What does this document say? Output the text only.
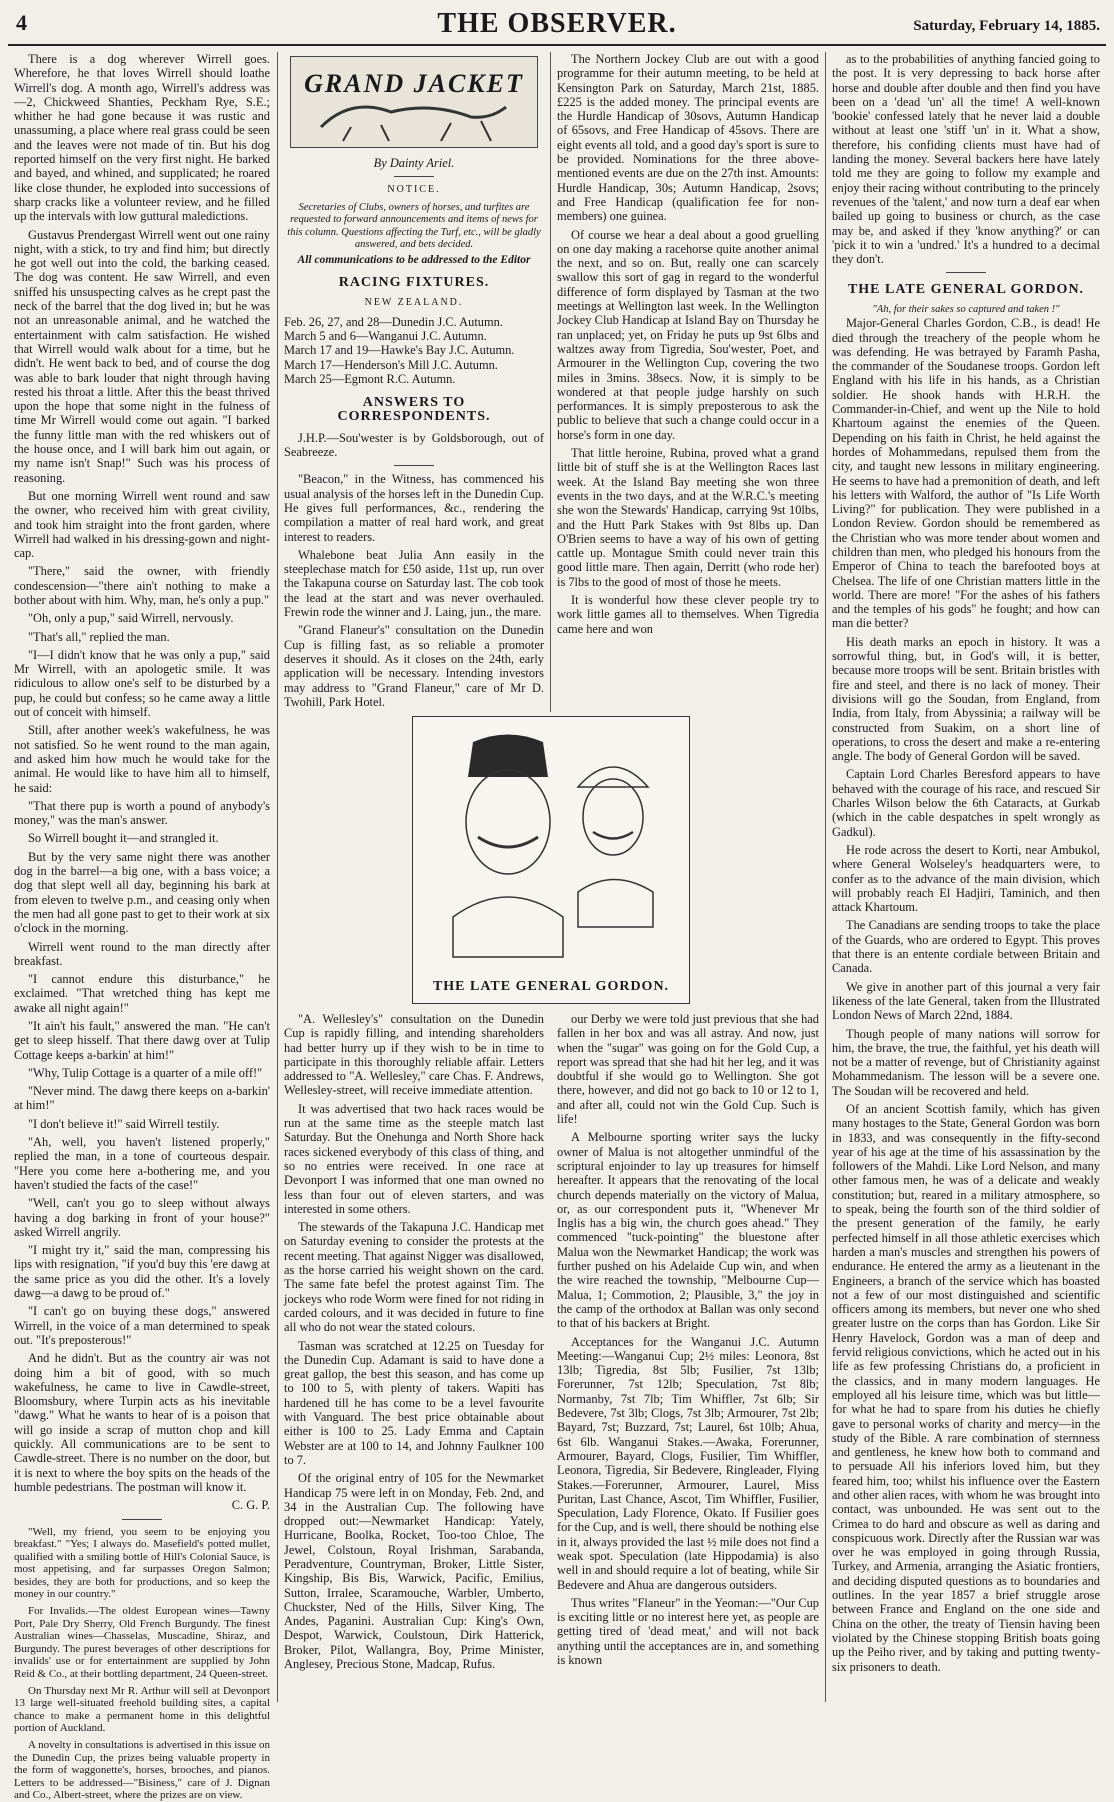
4	THE OBSERVER.	Saturday, February 14, 1885.

There is a dog wherever Wirrell goes. Wherefore, he that loves Wirrell should loathe Wirrell's dog. A month ago, Wirrell's address was—2, Chickweed Shanties, Peckham Rye, S.E.; whither he had gone because it was rustic and unassuming, a place where real grass could be seen and the leaves were not made of tin. But his dog reported himself on the very first night. He barked and bayed, and whined, and supplicated; he roared like close thunder, he exploded into successions of sharp cracks like a volunteer review, and he filled up the intervals with low guttural maledictions.

Gustavus Prendergast Wirrell went out one rainy night, with a stick, to try and find him; but directly he got well out into the cold, the barking ceased. The dog was content. He saw Wirrell, and even sniffed his unsuspecting calves as he crept past the neck of the barrel that the dog lived in; but he was not an unreasonable animal, and he watched the entertainment with calm satisfaction. He wished that Wirrell would walk about for a time, but he didn't. He went back to bed, and of course the dog was able to bark louder that night through having rested his throat a little. After this the beast thrived upon the hope that some night in the fulness of time Mr Wirrell would come out again. "I barked the funny little man with the red whiskers out of the house once, and I will bark him out again, or my name isn't Snap!" Such was his process of reasoning.

But one morning Wirrell went round and saw the owner, who received him with great civility, and took him straight into the front garden, where Wirrell had walked in his dressing-gown and night-cap.

"There," said the owner, with friendly condescension—"there ain't nothing to make a bother about with him. Why, man, he's only a pup."

"Oh, only a pup," said Wirrell, nervously.

"That's all," replied the man.

"I—I didn't know that he was only a pup," said Mr Wirrell, with an apologetic smile. It was ridiculous to allow one's self to be disturbed by a pup, he could but confess; so he came away a little out of conceit with himself.

Still, after another week's wakefulness, he was not satisfied. So he went round to the man again, and asked him how much he would take for the animal. He would like to have him all to himself, he said:

"That there pup is worth a pound of anybody's money," was the man's answer.

So Wirrell bought it—and strangled it.

But by the very same night there was another dog in the barrel—a big one, with a bass voice; a dog that slept well all day, beginning his bark at from eleven to twelve p.m., and ceasing only when the men had all gone past to get to their work at six o'clock in the morning.

Wirrell went round to the man directly after breakfast.

"I cannot endure this disturbance," he exclaimed. "That wretched thing has kept me awake all night again!"

"It ain't his fault," answered the man. "He can't get to sleep hisself. That there dawg over at Tulip Cottage keeps a-barkin' at him!"

"Why, Tulip Cottage is a quarter of a mile off!"

"Never mind. The dawg there keeps on a-barkin' at him!"

"I don't believe it!" said Wirrell testily.

"Ah, well, you haven't listened properly," replied the man, in a tone of courteous despair. "Here you come here a-bothering me, and you haven't studied the facts of the case!"

"Well, can't you go to sleep without always having a dog barking in front of your house?" asked Wirrell angrily.

"I might try it," said the man, compressing his lips with resignation, "if you'd buy this 'ere dawg at the same price as you did the other. It's a lovely dawg—a dawg to be proud of."

"I can't go on buying these dogs," answered Wirrell, in the voice of a man determined to speak out. "It's preposterous!"

And he didn't. But as the country air was not doing him a bit of good, with so much wakefulness, he came to live in Cawdle-street, Bloomsbury, where Turpin acts as his inevitable "dawg." What he wants to hear of is a poison that will go inside a scrap of mutton chop and kill quickly. All communications are to be sent to Cawdle-street. There is no number on the door, but it is next to where the boy spits on the heads of the humble pedestrians. The postman will know it.

C. G. P.

"Well, my friend, you seem to be enjoying you breakfast." "Yes; I always do. Masefield's potted mullet, qualified with a smiling bottle of Hill's Colonial Sauce, is most appetising, and far surpasses Oregon Salmon; besides, they are both for productions, and so keep the money in our country."

For Invalids.—The oldest European wines—Tawny Port, Pale Dry Sherry, Old French Burgundy. The finest Australian wines—Chasselas, Muscadine, Shiraz, and Burgundy. The purest beverages of other descriptions for invalids' use or for entertainment are supplied by John Reid & Co., at their bottling department, 24 Queen-street.

On Thursday next Mr R. Arthur will sell at Devonport 13 large well-situated freehold building sites, a capital chance to make a permanent home in this delightful portion of Auckland.

A novelty in consultations is advertised in this issue on the Dunedin Cup, the prizes being valuable property in the form of waggonette's, horses, brooches, and pianos. Letters to be addressed—"Bisiness," care of J. Dignan and Co., Albert-street, where the prizes are on view.

GRAND JACKET

By Dainty Ariel.

NOTICE.
Secretaries of Clubs, owners of horses, and turfites are requested to forward announcements and items of news for this column. Questions affecting the Turf, etc., will be gladly answered, and bets decided.
All communications to be addressed to the Editor
RACING FIXTURES.
NEW ZEALAND.
Feb. 26, 27, and 28—Dunedin J.C. Autumn.
March 5 and 6—Wanganui J.C. Autumn.
March 17 and 19—Hawke's Bay J.C. Autumn.
March 17—Henderson's Mill J.C. Autumn.
March 25—Egmont R.C. Autumn.
ANSWERS TO CORRESPONDENTS.

J.H.P.—Sou'wester is by Goldsborough, out of Seabreeze.

"Beacon," in the Witness, has commenced his usual analysis of the horses left in the Dunedin Cup. He gives full performances, &c., rendering the compilation a matter of real hard work, and great interest to readers.

Whalebone beat Julia Ann easily in the steeplechase match for £50 aside, 11st up, run over the Takapuna course on Saturday last. The cob took the lead at the start and was never overhauled. Frewin rode the winner and J. Laing, jun., the mare.

"Grand Flaneur's" consultation on the Dunedin Cup is filling fast, as so reliable a promoter deserves it should. As it closes on the 24th, early application will be necessary. Intending investors may address to "Grand Flaneur," care of Mr D. Twohill, Park Hotel.

The Northern Jockey Club are out with a good programme for their autumn meeting, to be held at Kensington Park on Saturday, March 21st, 1885. £225 is the added money. The principal events are the Hurdle Handicap of 30sovs, Autumn Handicap of 65sovs, and Free Handicap of 45sovs. There are eight events all told, and a good day's sport is sure to be provided. Nominations for the three above-mentioned events are due on the 27th inst. Amounts: Hurdle Handicap, 30s; Autumn Handicap, 2sovs; and Free Handicap (qualification fee for non-members) one guinea.

Of course we hear a deal about a good gruelling on one day making a racehorse quite another animal the next, and so on. But, really one can scarcely swallow this sort of gag in regard to the wonderful difference of form displayed by Tasman at the two meetings at Wellington last week. In the Wellington Jockey Club Handicap at Island Bay on Thursday he ran unplaced; yet, on Friday he puts up 9st 6lbs and waltzes away from Tigredia, Sou'wester, Poet, and Armourer in the Wellington Cup, covering the two miles in 3mins. 38secs. Now, it is simply to be wondered at that people judge harshly on such performances. It is simply preposterous to ask the public to believe that such a change could occur in a horse's form in one day.

That little heroine, Rubina, proved what a grand little bit of stuff she is at the Wellington Races last week. At the Island Bay meeting she won three events in the two days, and at the W.R.C.'s meeting she won the Stewards' Handicap, carrying 9st 10lbs, and the Hutt Park Stakes with 9st 8lbs up. Dan O'Brien seems to have a way of his own of getting cattle up. Montague Smith could never train this good little mare. Then again, Derritt (who rode her) is 7lbs to the good of most of those he meets.

It is wonderful how these clever people try to work little games all to themselves. When Tigredia came here and won

as to the probabilities of anything fancied going to the post. It is very depressing to back horse after horse and double after double and then find you have been on a 'dead 'un' all the time! A well-known 'bookie' confessed lately that he never laid a double without at least one 'stiff 'un' in it. What a show, therefore, his confiding clients must have had of landing the money. Several backers here have lately told me they are going to follow my example and enjoy their racing without contributing to the princely revenues of the 'talent,' and now turn a deaf ear when bailed up going to business or church, as the case may be, and asked if they 'know anything?' or can 'pick it to win a 'undred.' It's a hundred to a decimal they don't.

THE LATE GENERAL GORDON.
"Ah, for their sakes so captured and taken !"

Major-General Charles Gordon, C.B., is dead! He died through the treachery of the people whom he was defending. He was betrayed by Faramh Pasha, the commander of the Soudanese troops. Gordon left England with his life in his hands, as a Christian soldier. He shook hands with H.R.H. the Commander-in-Chief, and went up the Nile to hold Khartoum against the enemies of the Queen. Depending on his faith in Christ, he held against the hordes of Mohammedans, repulsed them from the city, and taught new lessons in military engineering. He seems to have had a premonition of death, and left his letters with Walford, the author of "Is Life Worth Living?" for publication. They were published in a London Review. Gordon should be remembered as the Christian who was more tender about women and children than men, who pledged his honours from the Emperor of China to teach the barefooted boys at Chelsea. The life of one Christian matters little in the world. There are more! "For the ashes of his fathers and the temples of his gods" he fought; and how can man die better?

His death marks an epoch in history. It was a sorrowful thing, but, in God's will, it is better, because more troops will be sent. Britain bristles with fire and steel, and there is no lack of money. Their divisions will go the Soudan, from England, from India, from Italy, from Abyssinia; a railway will be constructed from Suakim, on a short line of operations, to cross the desert and make a re-entering angle. The body of General Gordon will be saved.

Captain Lord Charles Beresford appears to have behaved with the courage of his race, and rescued Sir Charles Wilson below the 6th Cataracts, at Gurkab (which in the cable despatches in spelt wrongly as Gadkul).

He rode across the desert to Korti, near Ambukol, where General Wolseley's headquarters were, to confer as to the advance of the main division, which will probably reach El Hadjiri, Taminich, and then attack Khartoum.

The Canadians are sending troops to take the place of the Guards, who are ordered to Egypt. This proves that there is an entente cordiale between Britain and Canada.

We give in another part of this journal a very fair likeness of the late General, taken from the Illustrated London News of March 22nd, 1884.

Though people of many nations will sorrow for him, the brave, the true, the faithful, yet his death will not be a matter of revenge, but of Christianity against Mohammedanism. The lesson will be a severe one. The Soudan will be recovered and held.

Of an ancient Scottish family, which has given many hostages to the State, General Gordon was born in 1833, and was consequently in the fifty-second year of his age at the time of his assassination by the followers of the Mahdi. Like Lord Nelson, and many other famous men, he was of a delicate and weakly constitution; but, reared in a military atmosphere, so to speak, being the fourth son of the third soldier of the present generation of the family, he early perfected himself in all those athletic exercises which harden a man's muscles and strengthen his powers of endurance. He entered the army as a lieutenant in the Engineers, a branch of the service which has boasted not a few of our most distinguished and scientific officers among its members, but never one who shed greater lustre on the corps than has Gordon. Like Sir Henry Havelock, Gordon was a man of deep and fervid religious convictions, which he acted out in his life as few professing Christians do, a proficient in the classics, and in many modern languages. He employed all his leisure time, which was but little—for what he had to spare from his duties he chiefly gave to personal works of charity and mercy—in the study of the Bible. A rare combination of sternness and gentleness, he knew how both to command and to persuade All his inferiors loved him, but they feared him, too; whilst his influence over the Eastern and other alien races, with whom he was brought into contact, was unbounded. He was sent out to the Crimea to do hard and obscure as well as daring and conspicuous work. Directly after the Russian war was over he was employed in going through Russia, Turkey, and Armenia, arranging the Asiatic frontiers, and deciding disputed questions as to boundaries and outlines. In the year 1857 a brief struggle arose between France and England on the one side and China on the other, the treaty of Tiensin having been violated by the Chinese stopping British boats going up the Peiho river, and by taking and putting twenty-six prisoners to death.

THE LATE GENERAL GORDON.

"A. Wellesley's" consultation on the Dunedin Cup is rapidly filling, and intending shareholders had better hurry up if they wish to be in time to participate in this thoroughly reliable affair. Letters addressed to "A. Wellesley," care Chas. F. Andrews, Wellesley-street, will receive immediate attention.

It was advertised that two hack races would be run at the same time as the steeple match last Saturday. But the Onehunga and North Shore hack races sickened everybody of this class of thing, and so no entries were received. In one race at Devonport I was informed that one man owned no less than four out of eleven starters, and was interested in some others.

The stewards of the Takapuna J.C. Handicap met on Saturday evening to consider the protests at the recent meeting. That against Nigger was disallowed, as the horse carried his weight shown on the card. The same fate befel the protest against Tim. The jockeys who rode Worm were fined for not riding in carded colours, and it was decided in future to fine all who do not wear the stated colours.

Tasman was scratched at 12.25 on Tuesday for the Dunedin Cup. Adamant is said to have done a great gallop, the best this season, and has come up to 100 to 5, with plenty of takers. Wapiti has hardened till he has come to be a level favourite with Vanguard. The best price obtainable about either is 100 to 25. Lady Emma and Captain Webster are at 100 to 14, and Johnny Faulkner 100 to 7.

Of the original entry of 105 for the Newmarket Handicap 75 were left in on Monday, Feb. 2nd, and 34 in the Australian Cup. The following have dropped out:—Newmarket Handicap: Yately, Hurricane, Boolka, Rocket, Too-too Chloe, The Jewel, Colstoun, Royal Irishman, Sarabanda, Peradventure, Countryman, Broker, Little Sister, Kingship, Bis Bis, Warwick, Pacific, Emilius, Sutton, Irralee, Scaramouche, Warbler, Umberto, Chuckster, Ned of the Hills, Silver King, The Andes, Paganini. Australian Cup: King's Own, Despot, Warwick, Coulstoun, Dirk Hatterick, Broker, Pilot, Wallangra, Boy, Prime Minister, Anglesey, Precious Stone, Madcap, Rufus.

our Derby we were told just previous that she had fallen in her box and was all astray. And now, just when the "sugar" was going on for the Gold Cup, a report was spread that she had hit her leg, and it was doubtful if she would go to Wellington. She got there, however, and did not go back to 10 or 12 to 1, and after all, could not win the Gold Cup. Such is life!

A Melbourne sporting writer says the lucky owner of Malua is not altogether unmindful of the scriptural enjoinder to lay up treasures for himself hereafter. It appears that the renovating of the local church depends materially on the victory of Malua, or, as our correspondent puts it, "Whenever Mr Inglis has a big win, the church goes ahead." They commenced "tuck-pointing" the bluestone after Malua won the Newmarket Handicap; the work was further pushed on his Adelaide Cup win, and when the wire reached the township, "Melbourne Cup—Malua, 1; Commotion, 2; Plausible, 3," the joy in the camp of the orthodox at Ballan was only second to that of his backers at Bright.

Acceptances for the Wanganui J.C. Autumn Meeting:—Wanganui Cup; 2½ miles: Leonora, 8st 13lb; Tigredia, 8st 5lb; Fusilier, 7st 13lb; Forerunner, 7st 12lb; Speculation, 7st 8lb; Normanby, 7st 7lb; Tim Whiffler, 7st 6lb; Sir Bedevere, 7st 3lb; Clogs, 7st 3lb; Armourer, 7st 2lb; Bayard, 7st; Buzzard, 7st; Laurel, 6st 10lb; Ahua, 6st 6lb. Wanganui Stakes.—Awaka, Forerunner, Armourer, Bayard, Clogs, Fusilier, Tim Whiffler, Leonora, Tigredia, Sir Bedevere, Ringleader, Flying Stakes.—Forerunner, Armourer, Laurel, Miss Puritan, Last Chance, Ascot, Tim Whiffler, Fusilier, Speculation, Lady Florence, Okato. If Fusilier goes for the Cup, and is well, there should be nothing else in it, always provided the last ½ mile does not find a weak spot. Speculation (late Hippodamia) is also well in and should require a lot of beating, while Sir Bedevere and Ahua are dangerous outsiders.

Thus writes "Flaneur" in the Yeoman:—"Our Cup is exciting little or no interest here yet, as people are getting tired of 'dead meat,' and will not back anything until the acceptances are in, and something is known
